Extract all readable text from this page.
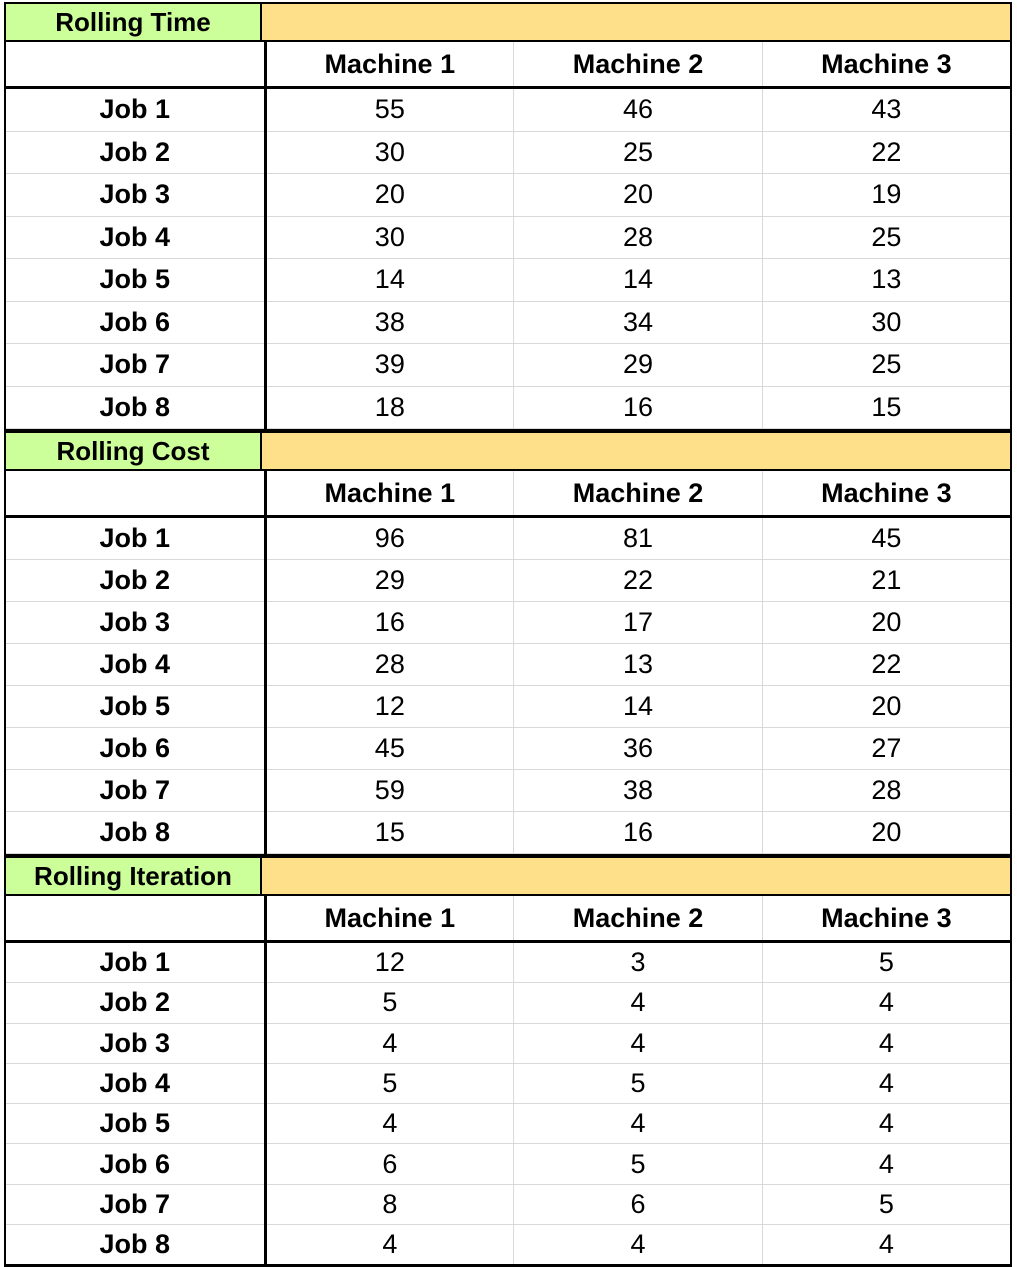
Rolling Time
	Machine 1	Machine 2	Machine 3
Job 1	55	46	43
Job 2	30	25	22
Job 3	20	20	19
Job 4	30	28	25
Job 5	14	14	13
Job 6	38	34	30
Job 7	39	29	25
Job 8	18	16	15
Rolling Cost
	Machine 1	Machine 2	Machine 3
Job 1	96	81	45
Job 2	29	22	21
Job 3	16	17	20
Job 4	28	13	22
Job 5	12	14	20
Job 6	45	36	27
Job 7	59	38	28
Job 8	15	16	20
Rolling Iteration
	Machine 1	Machine 2	Machine 3
Job 1	12	3	5
Job 2	5	4	4
Job 3	4	4	4
Job 4	5	5	4
Job 5	4	4	4
Job 6	6	5	4
Job 7	8	6	5
Job 8	4	4	4
